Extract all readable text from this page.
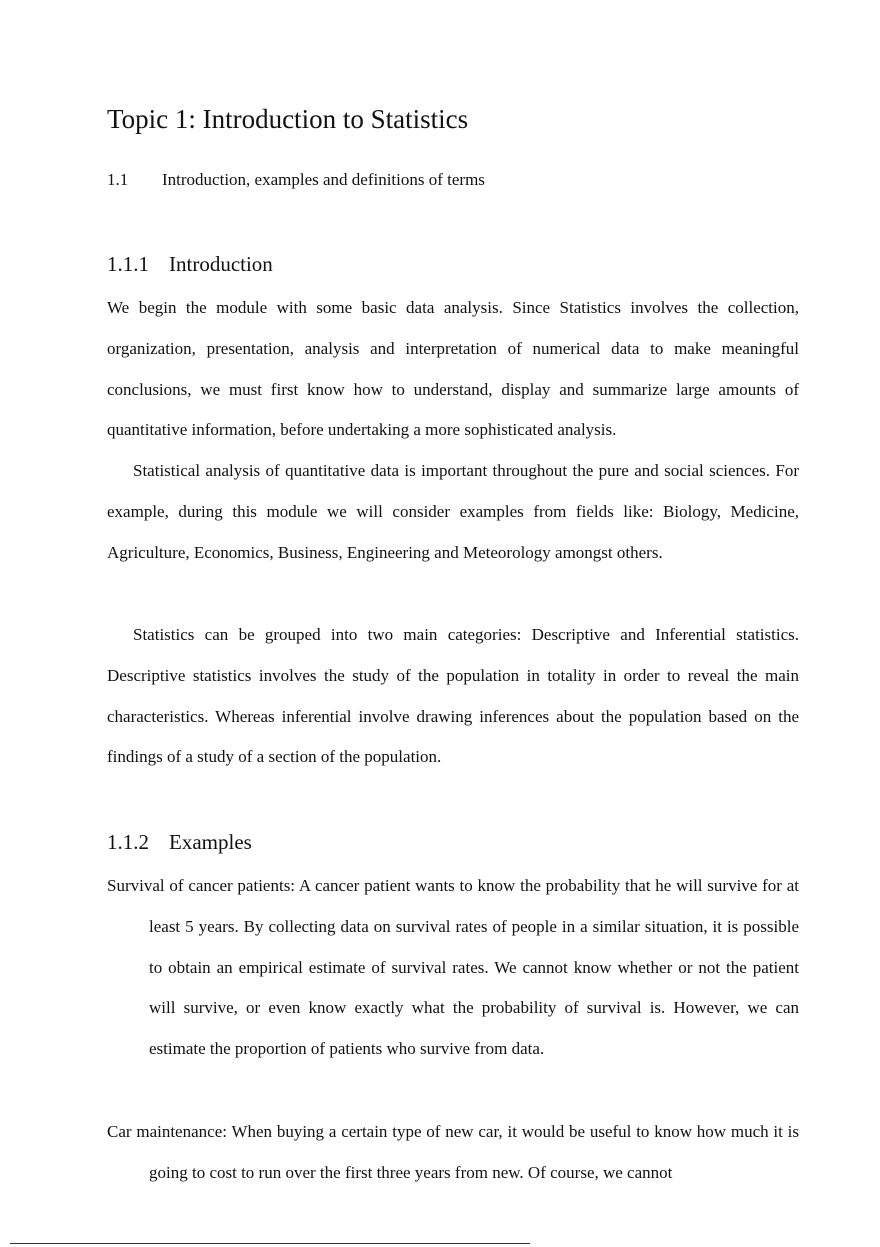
Topic 1: Introduction to Statistics
1.1 Introduction, examples and definitions of terms
1.1.1 Introduction

We begin the module with some basic data analysis. Since Statistics involves the collection, organization, presentation, analysis and interpretation of numerical data to make meaningful conclusions, we must first know how to understand, display and summarize large amounts of quantitative information, before undertaking a more sophisticated analysis.

Statistical analysis of quantitative data is important throughout the pure and social sciences. For example, during this module we will consider examples from fields like: Biology, Medicine, Agriculture, Economics, Business, Engineering and Meteorology amongst others.

Statistics can be grouped into two main categories: Descriptive and Inferential statistics. Descriptive statistics involves the study of the population in totality in order to reveal the main characteristics. Whereas inferential involve drawing inferences about the population based on the findings of a study of a section of the population.

1.1.2 Examples

Survival of cancer patients: A cancer patient wants to know the probability that he will survive for at least 5 years. By collecting data on survival rates of people in a similar situation, it is possible to obtain an empirical estimate of survival rates. We cannot know whether or not the patient will survive, or even know exactly what the probability of survival is. However, we can estimate the proportion of patients who survive from data.

Car maintenance: When buying a certain type of new car, it would be useful to know how much it is going to cost to run over the first three years from new. Of course, we cannot
